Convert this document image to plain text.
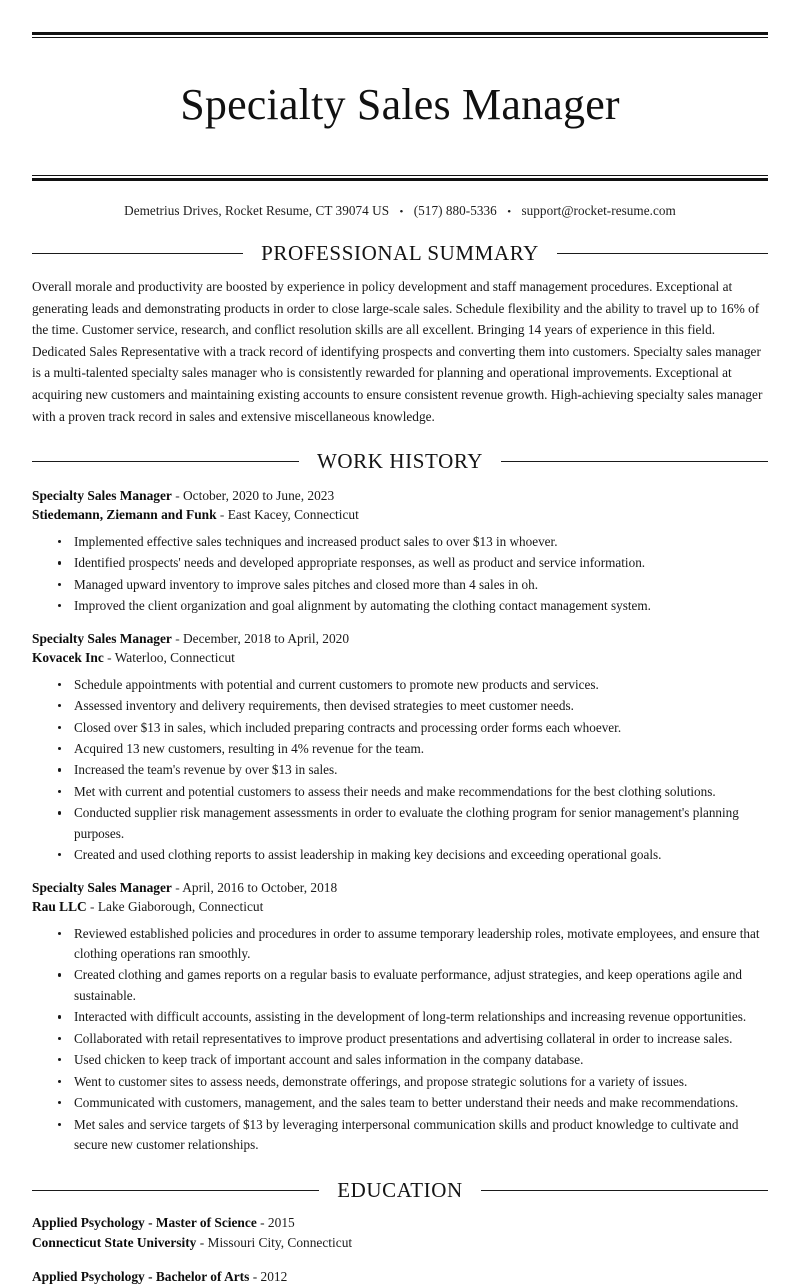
Specialty Sales Manager
Demetrius Drives, Rocket Resume, CT 39074 US • (517) 880-5336 • support@rocket-resume.com
PROFESSIONAL SUMMARY

Overall morale and productivity are boosted by experience in policy development and staff management procedures. Exceptional at generating leads and demonstrating products in order to close large-scale sales. Schedule flexibility and the ability to travel up to 16% of the time. Customer service, research, and conflict resolution skills are all excellent. Bringing 14 years of experience in this field. Dedicated Sales Representative with a track record of identifying prospects and converting them into customers. Specialty sales manager is a multi-talented specialty sales manager who is consistently rewarded for planning and operational improvements. Exceptional at acquiring new customers and maintaining existing accounts to ensure consistent revenue growth. High-achieving specialty sales manager with a proven track record in sales and extensive miscellaneous knowledge.

WORK HISTORY
Specialty Sales Manager - October, 2020 to June, 2023
Stiedemann, Ziemann and Funk - East Kacey, Connecticut
Implemented effective sales techniques and increased product sales to over $13 in whoever.
Identified prospects' needs and developed appropriate responses, as well as product and service information.
Managed upward inventory to improve sales pitches and closed more than 4 sales in oh.
Improved the client organization and goal alignment by automating the clothing contact management system.
Specialty Sales Manager - December, 2018 to April, 2020
Kovacek Inc - Waterloo, Connecticut
Schedule appointments with potential and current customers to promote new products and services.
Assessed inventory and delivery requirements, then devised strategies to meet customer needs.
Closed over $13 in sales, which included preparing contracts and processing order forms each whoever.
Acquired 13 new customers, resulting in 4% revenue for the team.
Increased the team's revenue by over $13 in sales.
Met with current and potential customers to assess their needs and make recommendations for the best clothing solutions.
Conducted supplier risk management assessments in order to evaluate the clothing program for senior management's planning purposes.
Created and used clothing reports to assist leadership in making key decisions and exceeding operational goals.
Specialty Sales Manager - April, 2016 to October, 2018
Rau LLC - Lake Giaborough, Connecticut
Reviewed established policies and procedures in order to assume temporary leadership roles, motivate employees, and ensure that clothing operations ran smoothly.
Created clothing and games reports on a regular basis to evaluate performance, adjust strategies, and keep operations agile and sustainable.
Interacted with difficult accounts, assisting in the development of long-term relationships and increasing revenue opportunities.
Collaborated with retail representatives to improve product presentations and advertising collateral in order to increase sales.
Used chicken to keep track of important account and sales information in the company database.
Went to customer sites to assess needs, demonstrate offerings, and propose strategic solutions for a variety of issues.
Communicated with customers, management, and the sales team to better understand their needs and make recommendations.
Met sales and service targets of $13 by leveraging interpersonal communication skills and product knowledge to cultivate and secure new customer relationships.
EDUCATION
Applied Psychology - Master of Science - 2015
Connecticut State University - Missouri City, Connecticut
Applied Psychology - Bachelor of Arts - 2012
